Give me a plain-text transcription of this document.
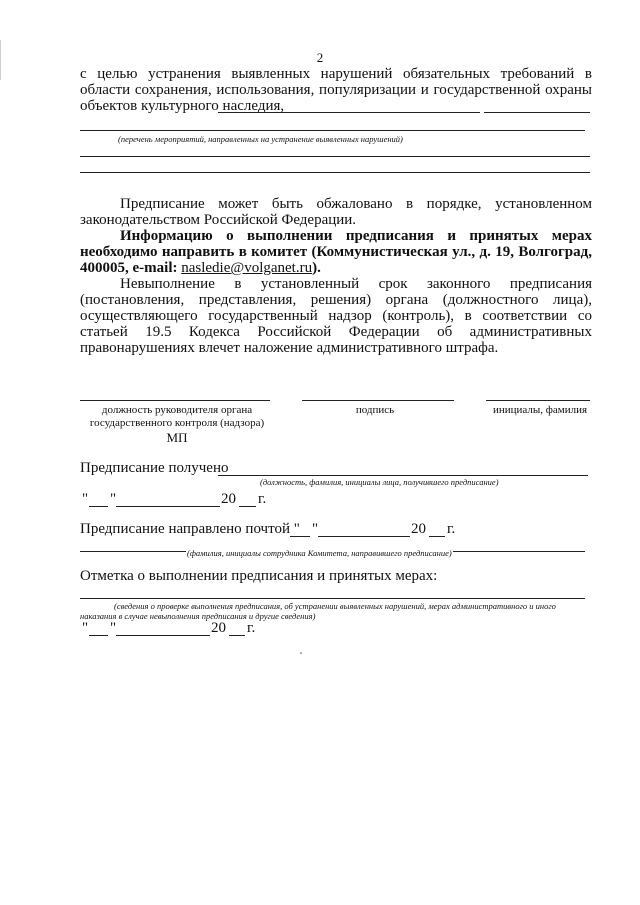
2

с целью устранения выявленных нарушений обязательных требований в области сохранения, использования, популяризации и государственной охраны объектов культурного наследия,

(перечень мероприятий, направленных на устранение выявленных нарушений)

Предписание может быть обжаловано в порядке, установленном законодательством Российской Федерации.

Информацию о выполнении предписания и принятых мерах необходимо направить в комитет (Коммунистическая ул., д. 19, Волгоград, 400005, e-mail: nasledie@volganet.ru).

Невыполнение в установленный срок законного предписания (постановления, представления, решения) органа (должностного лица), осуществляющего государственный надзор (контроль), в соответствии со статьей 19.5 Кодекса Российской Федерации об административных правонарушениях влечет наложение административного штрафа.

должность руководителя органа
государственного контроля (надзора)
МП
подпись	инициалы, фамилия
Предписание получено
(должность, фамилия, инициалы лица, получившего предписание)
" "	20 г.
Предписание направлено почтой " "	20 г.
(фамилия, инициалы сотрудника Комитета, направившего предписание)
Отметка о выполнении предписания и принятых мерах:
(сведения о проверке выполнения предписания, об устранении выявленных нарушений, мерах административного и иного
наказания в случае невыполнения предписания и другие сведения)
" "	20 г.
